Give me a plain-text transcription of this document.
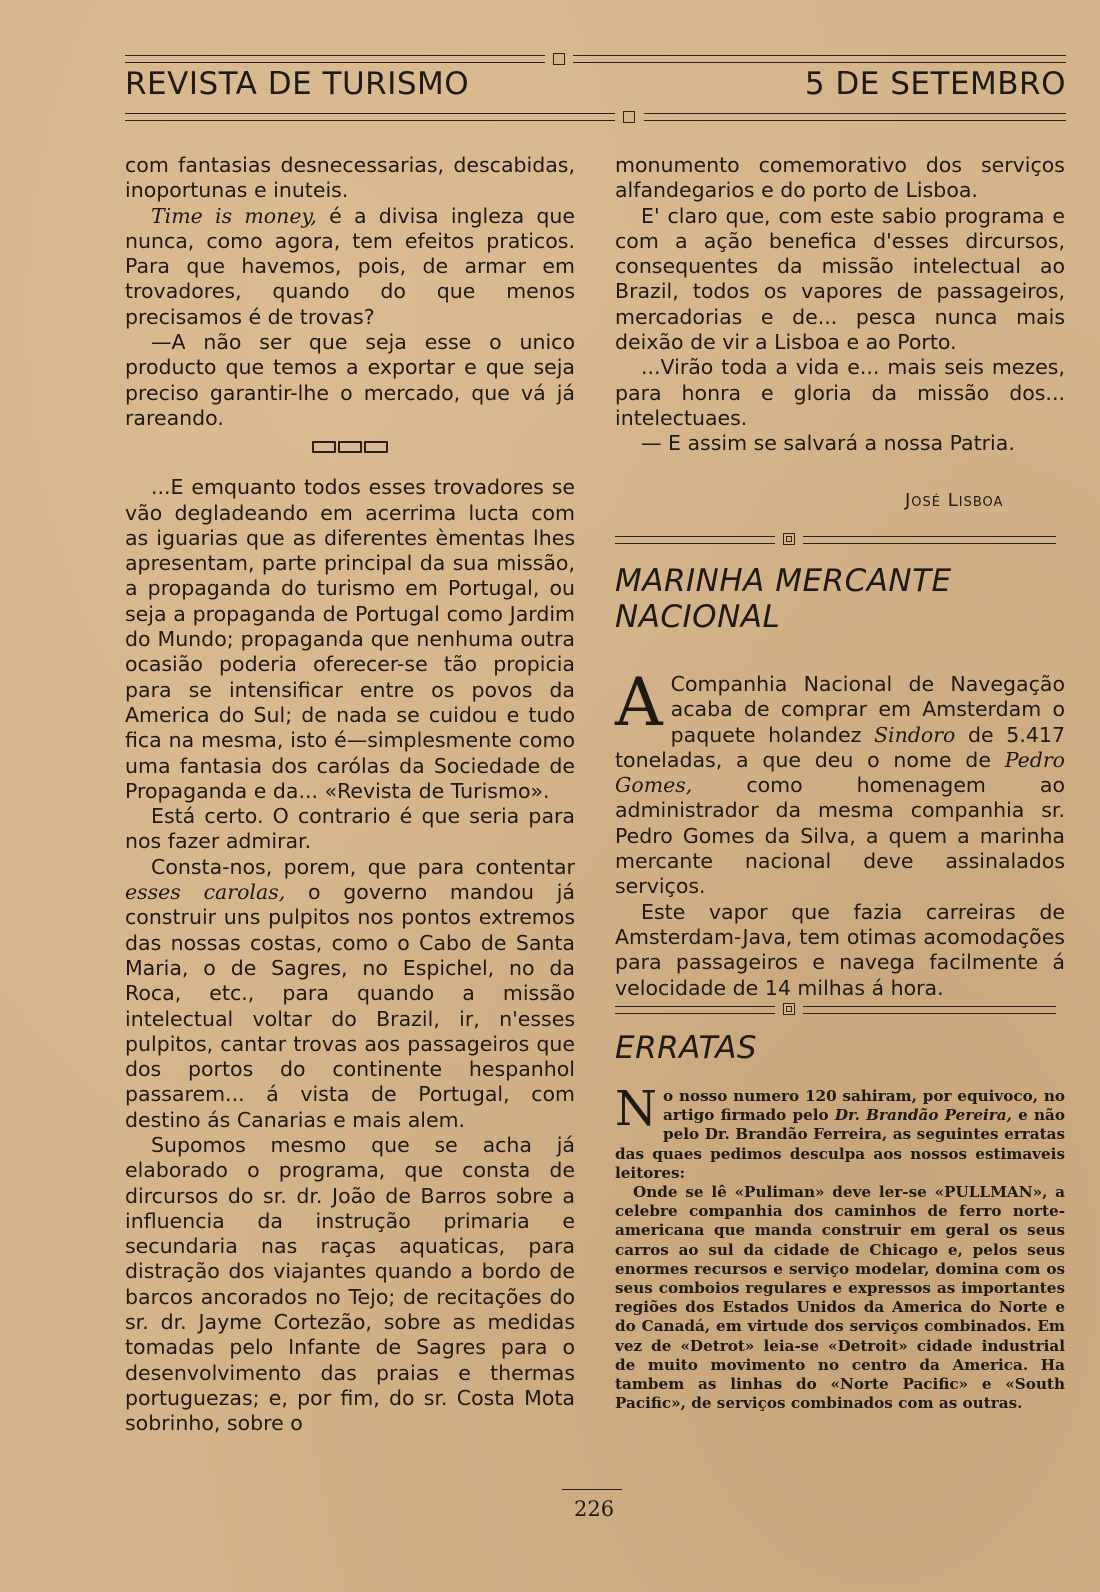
REVISTA DE TURISMO	5 DE SETEMBRO

com fantasias desnecessarias, descabidas, inoportunas e inuteis.

Time is money, é a divisa ingleza que nunca, como agora, tem efeitos praticos. Para que havemos, pois, de armar em trovadores, quando do que menos precisamos é de trovas?

—A não ser que seja esse o unico producto que temos a exportar e que seja preciso garantir-lhe o mercado, que vá já rareando.

...E emquanto todos esses trovadores se vão degladeando em acerrima lucta com as iguarias que as diferentes èmentas lhes apresentam, parte principal da sua missão, a propaganda do turismo em Portugal, ou seja a propaganda de Portugal como Jardim do Mundo; propaganda que nenhuma outra ocasião poderia oferecer-se tão propicia para se intensificar entre os povos da America do Sul; de nada se cuidou e tudo fica na mesma, isto é—simplesmente como uma fantasia dos carólas da Sociedade de Propaganda e da... «Revista de Turismo».

Está certo. O contrario é que seria para nos fazer admirar.

Consta-nos, porem, que para contentar esses carolas, o governo mandou já construir uns pulpitos nos pontos extremos das nossas costas, como o Cabo de Santa Maria, o de Sagres, no Espichel, no da Roca, etc., para quando a missão intelectual voltar do Brazil, ir, n'esses pulpitos, cantar trovas aos passageiros que dos portos do continente hespanhol passarem... á vista de Portugal, com destino ás Canarias e mais alem.

Supomos mesmo que se acha já elaborado o programa, que consta de dircursos do sr. dr. João de Barros sobre a influencia da instrução primaria e secundaria nas raças aquaticas, para distração dos viajantes quando a bordo de barcos ancorados no Tejo; de recitações do sr. dr. Jayme Cortezão, sobre as medidas tomadas pelo Infante de Sagres para o desenvolvimento das praias e thermas portuguezas; e, por fim, do sr. Costa Mota sobrinho, sobre o

monumento comemorativo dos serviços alfandegarios e do porto de Lisboa.

E' claro que, com este sabio programa e com a ação benefica d'esses dircursos, consequentes da missão intelectual ao Brazil, todos os vapores de passageiros, mercadorias e de... pesca nunca mais deixão de vir a Lisboa e ao Porto.

...Virão toda a vida e... mais seis mezes, para honra e gloria da missão dos... intelectuaes.

— E assim se salvará a nossa Patria.

José Lisboa
MARINHA MERCANTE
NACIONAL

A Companhia Nacional de Navegação acaba de comprar em Amsterdam o paquete holandez Sindoro de 5.417 toneladas, a que deu o nome de Pedro Gomes, como homenagem ao administrador da mesma companhia sr. Pedro Gomes da Silva, a quem a marinha mercante nacional deve assinalados serviços.

Este vapor que fazia carreiras de Amsterdam-Java, tem otimas acomodações para passageiros e navega facilmente á velocidade de 14 milhas á hora.

ERRATAS

No nosso numero 120 sahiram, por equivoco, no artigo firmado pelo Dr. Brandão Pereira, e não pelo Dr. Brandão Ferreira, as seguintes erratas das quaes pedimos desculpa aos nossos estimaveis leitores:

Onde se lê «Puliman» deve ler-se «PULLMAN», a celebre companhia dos caminhos de ferro norte-americana que manda construir em geral os seus carros ao sul da cidade de Chicago e, pelos seus enormes recursos e serviço modelar, domina com os seus comboios regulares e expressos as importantes regiões dos Estados Unidos da America do Norte e do Canadá, em virtude dos serviços combinados. Em vez de «Detrot» leia-se «Detroit» cidade industrial de muito movimento no centro da America. Ha tambem as linhas do «Norte Pacific» e «South Pacific», de serviços combinados com as outras.

226
